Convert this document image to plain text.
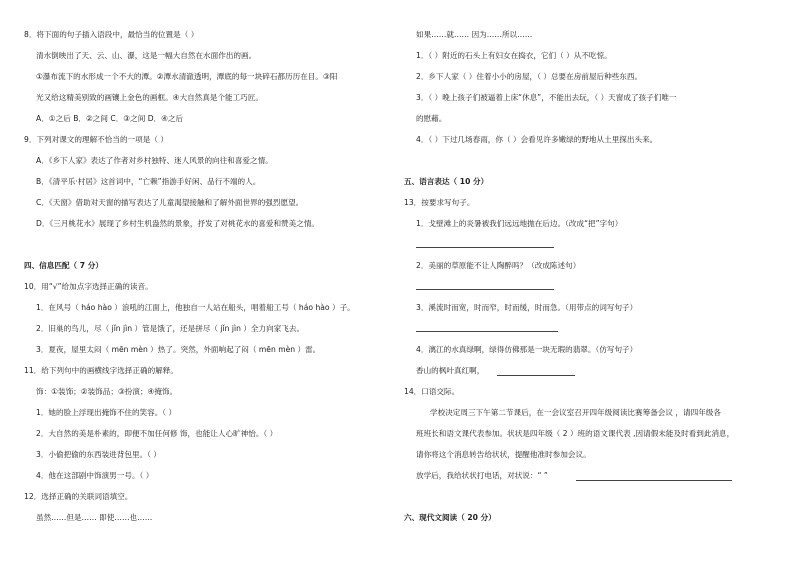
8．将下面的句子插入语段中，最恰当的位置是（ ）
清水倒映出了天、云、山、瀑，这是一幅大自然在水面作出的画。
①瀑布流下的水形成一个不大的潭。②潭水清澈透明，潭底的每一块碎石都历历在目。③阳
光又给这精美别致的画镶上金色的画框。④大自然真是个能工巧匠。
A．①之后 B．②之间 C．③之间 D．④之后
9．下列对课文的理解不恰当的一项是（ ）
A．《乡下人家》表达了作者对乡村独特、迷人风景的向往和喜爱之情。
B．《清平乐·村居》这首词中，“亡赖”指游手好闲、品行不端的人。
C．《天窗》借助对天窗的描写表达了儿童渴望接触和了解外面世界的强烈愿望。
D．《三月桃花水》展现了乡村生机盎然的景象，抒发了对桃花水的喜爱和赞美之情。
四、信息匹配（ 7 分）
10．用“√”给加点字选择正确的读音。
1．在风号（ háo hào ）浪吼的江面上，他独自一人站在船头，唱着船工号（ háo hào ）子。
2．旧巢的鸟儿，尽（ jǐn jìn ）管是饿了，还是拼尽（ jǐn jìn ）全力向家飞去。
3．夏夜，屋里太闷（ mēn mèn ）热了。突然，外面响起了闷（ mēn mèn ）雷。
11．给下列句中的画横线字选择正确的解释。
饰：①装饰；②装饰品；③扮演；④掩饰。
1．她的脸上浮现出掩饰不住的笑容。（ ）
2．大自然的美是朴素的，即便不加任何修 饰，也能让人心旷神怡。（ ）
3．小偷把偷的东西装进背包里。（ ）
4．他在这部剧中饰演男一号。（ ）
12．选择正确的关联词语填空。
虽然……但是…… 即使……也……
如果……就…… 因为……所以……
1．（ ）附近的石头上有妇女在捣衣，它们（ ）从不吃惊。
2．乡下人家（ ）住着小小的房屋，（ ）总要在房前屋后种些东西。
3．（ ）晚上孩子们被逼着上床“休息”，不能出去玩，（ ）天窗成了孩子们唯一
的慰藉。
4．（ ）下过几场春雨，你（ ）会看见许多嫩绿的野地从土里探出头来。
五、语言表达（ 10 分）
13．按要求写句子。
1．戈壁滩上的炎暑被我们远远地抛在后边。（改成“把”字句）
2．美丽的草原能不让人陶醉吗？（改成陈述句）
3．溪流时而宽，时而窄，时而缓，时而急。（用带点的词写句子）
4．漓江的水真绿啊，绿得仿佛那是一块无瑕的翡翠。（仿写句子）
香山的枫叶真红啊，
14．口语交际。
学校决定周三下午第二节课后，在一会议室召开四年级阅读比赛筹备会议 ，请四年级各
班班长和语文课代表参加。状状是四年级（ 2 ）班的语文课代表 ,因请假未能及时看到此消息，
请你将这个消息转告给状状，提醒他准时参加会议。
放学后，我给状状打电话，对状说：“ ”
六、现代文阅读（ 20 分）
